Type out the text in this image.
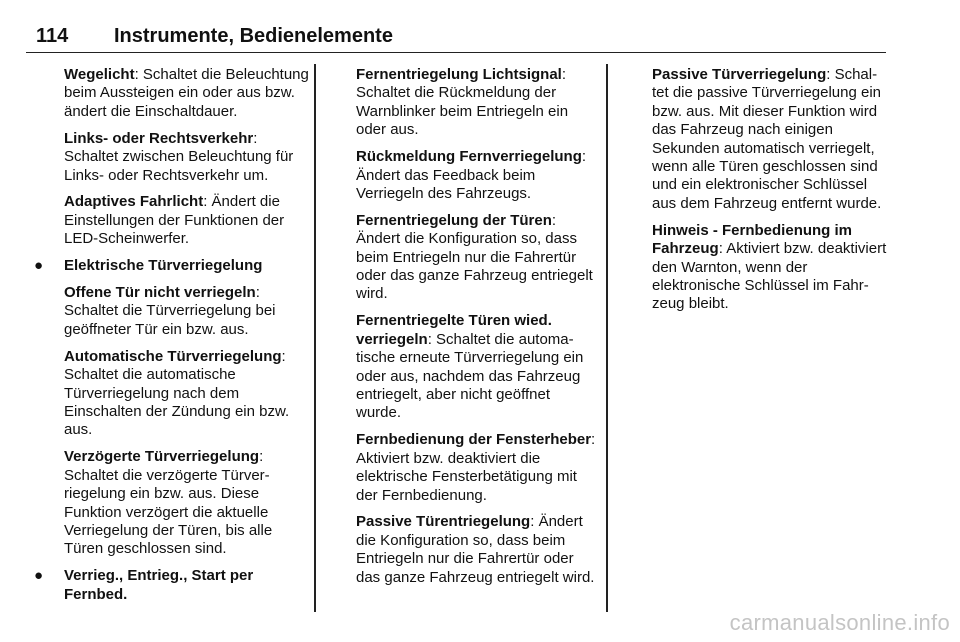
114 Instrumente, Bedienelemente

Wegelicht: Schaltet die Beleuchtung beim Aussteigen ein oder aus bzw. ändert die Einschaltdauer.

Links- oder Rechtsverkehr: Schaltet zwischen Beleuchtung für Links- oder Rechtsverkehr um.

Adaptives Fahrlicht: Ändert die Einstellungen der Funktionen der LED-Scheinwerfer.

● Elektrische Türverriegelung

Offene Tür nicht verriegeln: Schaltet die Türverriegelung bei geöffneter Tür ein bzw. aus.

Automatische Türverriegelung: Schaltet die automatische Türverriegelung nach dem Einschalten der Zündung ein bzw. aus.

Verzögerte Türverriegelung: Schaltet die verzögerte Türverriegelung ein bzw. aus. Diese Funktion verzögert die aktuelle Verriegelung der Türen, bis alle Türen geschlossen sind.

● Verrieg., Entrieg., Start per Fernbed.

Fernentriegelung Lichtsignal: Schaltet die Rückmeldung der Warnblinker beim Entriegeln ein oder aus.

Rückmeldung Fernverriegelung: Ändert das Feedback beim Verriegeln des Fahrzeugs.

Fernentriegelung der Türen: Ändert die Konfiguration so, dass beim Entriegeln nur die Fahrertür oder das ganze Fahrzeug entriegelt wird.

Fernentriegelte Türen wied. verriegeln: Schaltet die automatische erneute Türverriegelung ein oder aus, nachdem das Fahrzeug entriegelt, aber nicht geöffnet wurde.

Fernbedienung der Fensterheber: Aktiviert bzw. deaktiviert die elektrische Fensterbetätigung mit der Fernbedienung.

Passive Türentriegelung: Ändert die Konfiguration so, dass beim Entriegeln nur die Fahrertür oder das ganze Fahrzeug entriegelt wird.

Passive Türverriegelung: Schaltet die passive Türverriegelung ein bzw. aus. Mit dieser Funktion wird das Fahrzeug nach einigen Sekunden automatisch verriegelt, wenn alle Türen geschlossen sind und ein elektronischer Schlüssel aus dem Fahrzeug entfernt wurde.

Hinweis - Fernbedienung im Fahrzeug: Aktiviert bzw. deaktiviert den Warnton, wenn der elektronische Schlüssel im Fahrzeug bleibt.

carmanualsonline.info
